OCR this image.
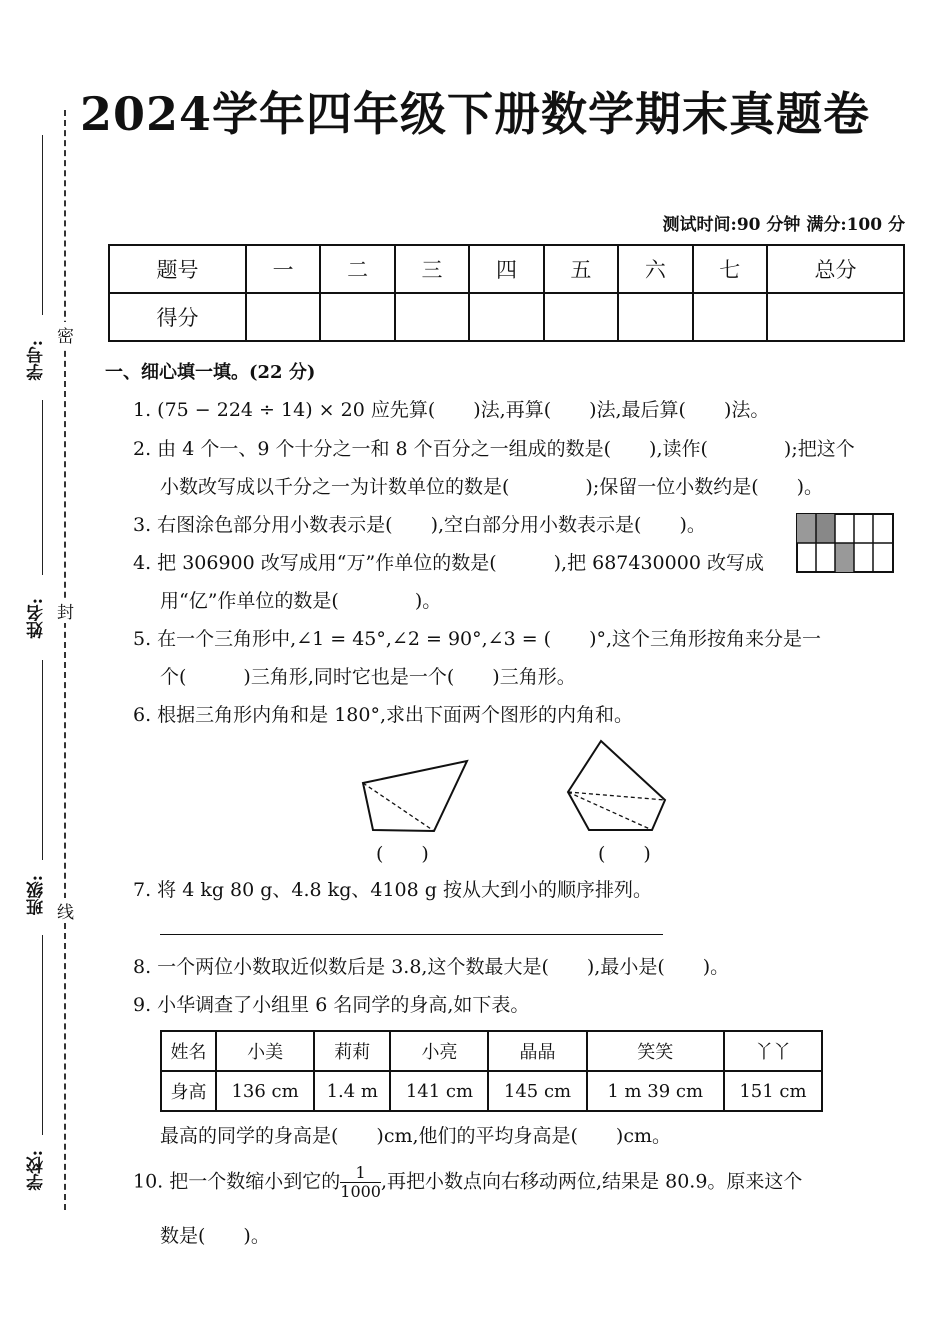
学号:
密
姓名: 封
班级: 线
学校:
2024学年四年级下册数学期末真题卷
测试时间:90 分钟 满分:100 分
题号	一	二	三	四	五	六	七	总分
得分								
一、细心填一填。(22 分)
1. (75 − 224 ÷ 14) × 20 应先算(  )法,再算(  )法,最后算(  )法。
2. 由 4 个一、9 个十分之一和 8 个百分之一组成的数是(  ),读作(    );把这个
小数改写成以千分之一为计数单位的数是(    );保留一位小数约是(  )。
3. 右图涂色部分用小数表示是(  ),空白部分用小数表示是(  )。
4. 把 306900 改写成用“万”作单位的数是(   ),把 687430000 改写成
用“亿”作单位的数是(    )。
5. 在一个三角形中,∠1 = 45°,∠2 = 90°,∠3 = (  )°,这个三角形按角来分是一
个(   )三角形,同时它也是一个(  )三角形。
6. 根据三角形内角和是 180°,求出下面两个图形的内角和。
(  )	(  )
7. 将 4 kg 80 g、4.8 kg、4108 g 按从大到小的顺序排列。
8. 一个两位小数取近似数后是 3.8,这个数最大是(  ),最小是(  )。
9. 小华调查了小组里 6 名同学的身高,如下表。
姓名	小美	莉莉	小亮	晶晶	笑笑	丫丫
身高	136 cm	1.4 m	141 cm	145 cm	1 m 39 cm	151 cm
最高的同学的身高是(  )cm,他们的平均身高是(  )cm。
10. 把一个数缩小到它的 $\frac{1}{1000}$ ,再把小数点向右移动两位,结果是 80.9。原来这个
数是(  )。
